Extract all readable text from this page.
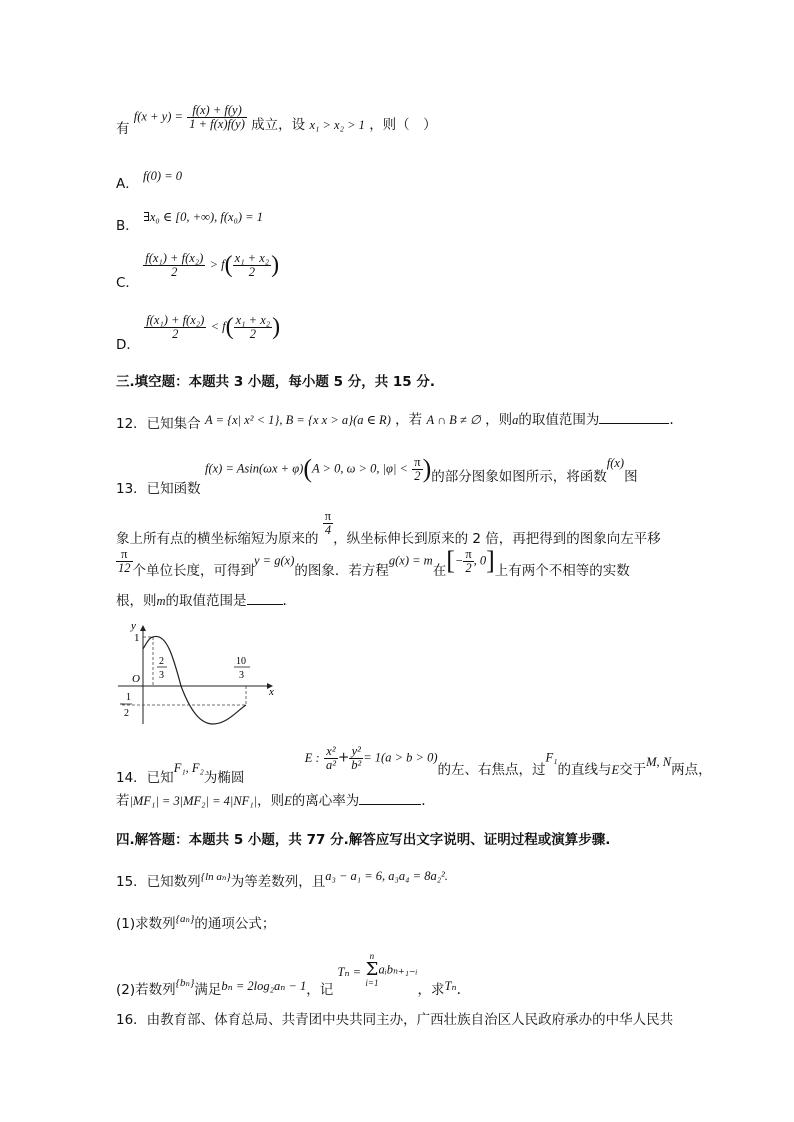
有 $f(x + y) = \frac{f(x) + f(y)}{1 + f(x)f(y)}$ 成立，设 x₁ > x₂ > 1 ，则（　）
A． f(0) = 0
B． ∃x₀ ∈ [0, +∞), f(x₀) = 1
C．
$\frac{\text{f(x₁) + f(x₂)}}{2} > f( \frac{\text{x₁ + x₂}}{2}$ )
D．
$\frac{\text{f(x₁) + f(x₂)}}{2} < f( \frac{\text{x₁ + x₂}}{2}$ )
三.填空题：本题共 3 小题，每小题 5 分，共 15 分.
12．已知集合 A = {x| x² < 1}, B = {x x > a}(a ∈ R) ，若 A ∩ B ≠ ∅ ，则a的取值范围为	.
13．已知函数 f(x) = Asin(ωx + φ)(A > 0, ω > 0, $|\varphi| < \frac{\pi}{2}$ )的部分图象如图所示，将函数f(x)图
象上所有点的横坐标缩短为原来的
$\frac{\pi}{4}$
，纵坐标伸长到原来的 2 倍，再把得到的图象向左平移
$\frac{\pi}{12}$ 个单位长度，可得到y = g(x)的图象．若方程g(x) = m在[− $\frac{\pi}{2}$ , 0]上有两个不相等的实数
根，则m的取值范围是	.
y
x
O
1
2
3
10
3
1
2
14．已知F₁, F₂为椭圆 E : $\frac{\text{x²}}{\text{a²}} + \frac{\text{y²}}{\text{b²}} = 1(a > b > 0)$的左、右焦点，过F₁的直线与E交于M, N两点，
若|MF₁| = 3|MF₂| = 4|NF₁|，则E的离心率为	.
四.解答题：本题共 5 小题，共 77 分.解答应写出文字说明、证明过程或演算步骤.
15．已知数列{ln aₙ}为等差数列，且a₃ − a₁ = 6, a₃a₄ = 8a₂².
(1)求数列{aₙ}的通项公式；
(2)若数列{bₙ}满足bₙ = 2log₂aₙ − 1，记 Tₙ =
n
Σ
i=1
aᵢbₙ₊₁₋ᵢ，求Tₙ.
16．由教育部、体育总局、共青团中央共同主办，广西壮族自治区人民政府承办的中华人民共
